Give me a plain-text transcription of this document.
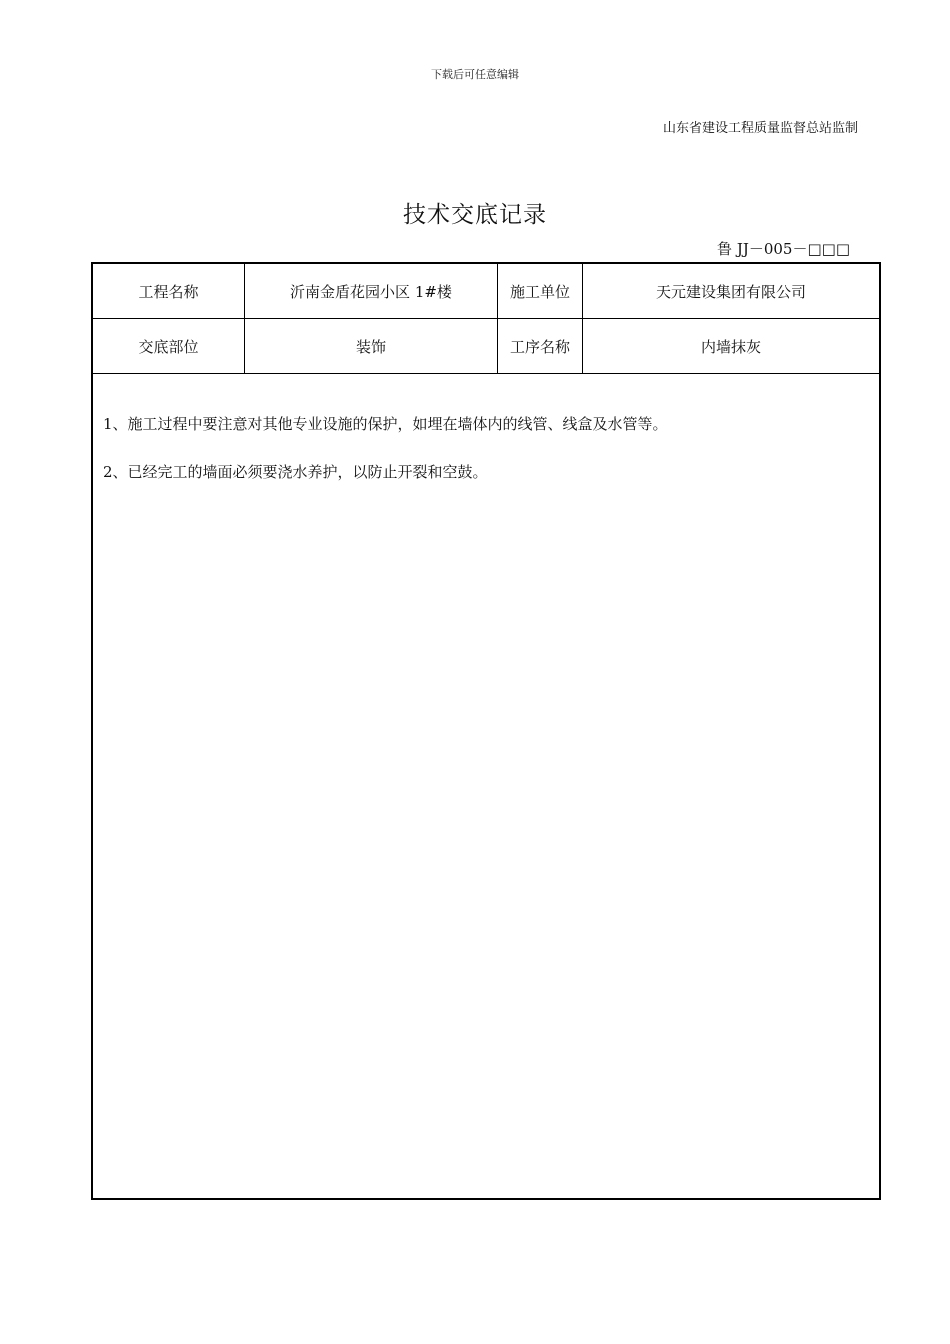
下载后可任意编辑
山东省建设工程质量监督总站监制
技术交底记录
鲁 JJ－005－□□□
工程名称	沂南金盾花园小区 1#楼	施工单位	天元建设集团有限公司
交底部位	装饰	工序名称	内墙抹灰

1、施工过程中要注意对其他专业设施的保护，如埋在墙体内的线管、线盒及水管等。

2、已经完工的墙面必须要浇水养护，以防止开裂和空鼓。
